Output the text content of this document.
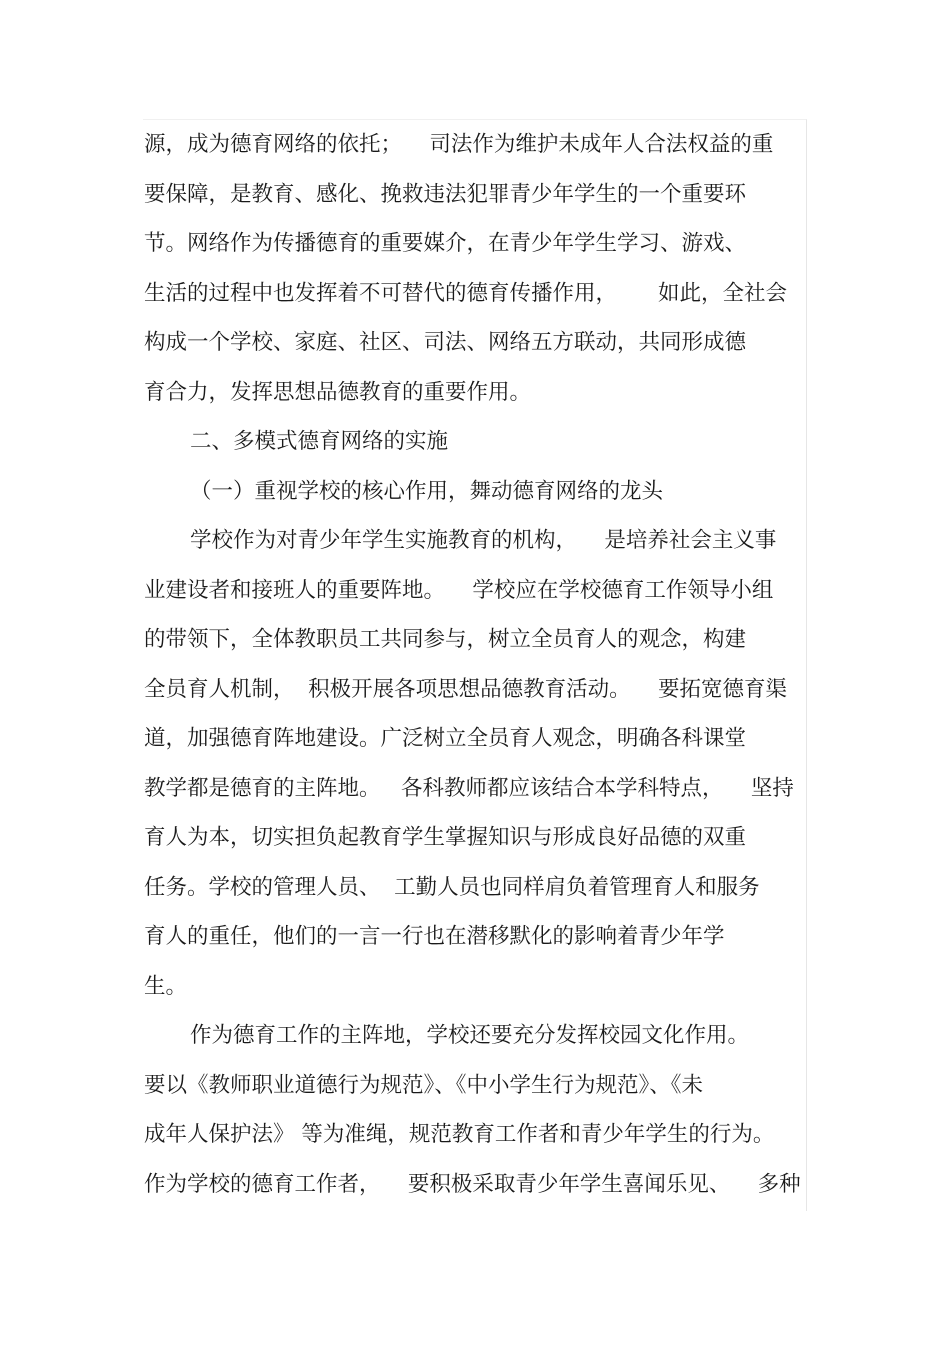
源，成为德育网络的依托；    司法作为维护未成年人合法权益的重
要保障，是教育、感化、挽救违法犯罪青少年学生的一个重要环
节。网络作为传播德育的重要媒介，在青少年学生学习、游戏、
生活的过程中也发挥着不可替代的德育传播作用，      如此，全社会
构成一个学校、家庭、社区、司法、网络五方联动，共同形成德
育合力，发挥思想品德教育的重要作用。
二、多模式德育网络的实施
（一）重视学校的核心作用，舞动德育网络的龙头
学校作为对青少年学生实施教育的机构，    是培养社会主义事
业建设者和接班人的重要阵地。    学校应在学校德育工作领导小组
的带领下，全体教职员工共同参与，树立全员育人的观念，构建
全员育人机制，  积极开展各项思想品德教育活动。    要拓宽德育渠
道，加强德育阵地建设。广泛树立全员育人观念，明确各科课堂
教学都是德育的主阵地。   各科教师都应该结合本学科特点，    坚持
育人为本，切实担负起教育学生掌握知识与形成良好品德的双重
任务。学校的管理人员、  工勤人员也同样肩负着管理育人和服务
育人的重任，他们的一言一行也在潜移默化的影响着青少年学
生。
作为德育工作的主阵地，学校还要充分发挥校园文化作用。
要以《教师职业道德行为规范》、《中小学生行为规范》、《未
成年人保护法》 等为准绳，规范教育工作者和青少年学生的行为。
作为学校的德育工作者，    要积极采取青少年学生喜闻乐见、    多种
